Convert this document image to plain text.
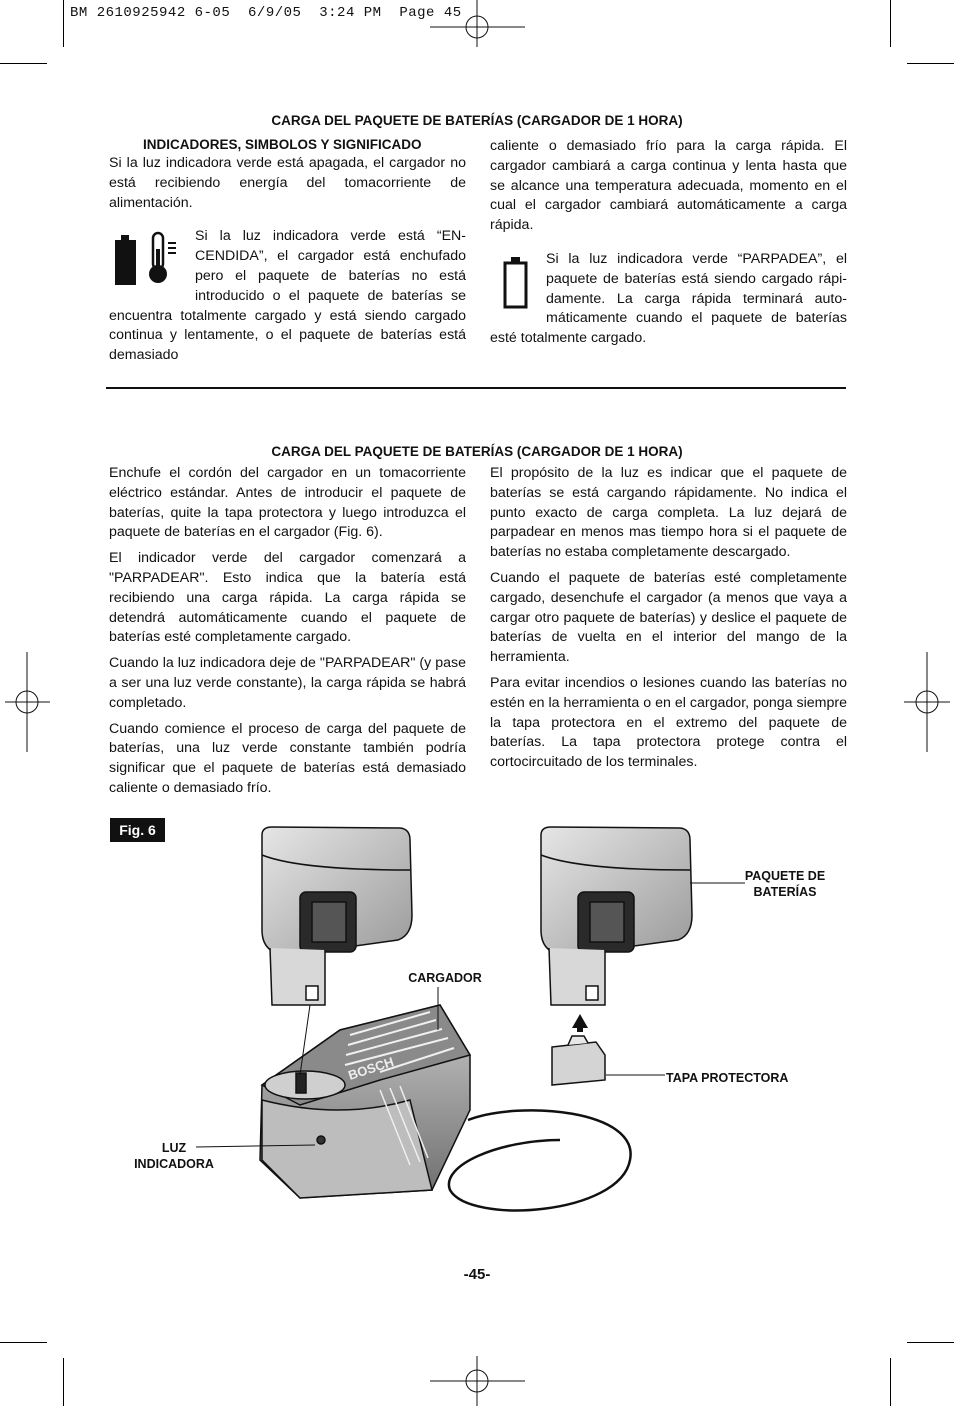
BM 2610925942 6-05  6/9/05  3:24 PM  Page 45
CARGA DEL PAQUETE DE BATERÍAS (CARGADOR DE 1 HORA)
INDICADORES, SIMBOLOS Y SIGNIFICADO

Si la luz indicadora verde está apagada, el cargador no está recibiendo energía del tomacorriente de alimentación.

Si la luz indicadora verde está “EN-CENDIDA”, el cargador está enchufado pero el paquete de baterías no está introducido o el paquete de baterías se encuentra totalmente cargado y está siendo cargado continua y lentamente, o el paquete de baterías está demasiado

caliente o demasiado frío para la carga rápida. El cargador cambiará a carga continua y lenta hasta que se alcance una temperatura adecuada, momento en el cual el cargador cambiará automáticamente a carga rápida.

Si la luz indicadora verde “PARPADEA”, el paquete de baterías está siendo cargado rápi-damente. La carga rápida terminará auto-máticamente cuando el paquete de baterías esté totalmente cargado.

CARGA DEL PAQUETE DE BATERÍAS (CARGADOR DE 1 HORA)

Enchufe el cordón del cargador en un tomacorriente eléctrico estándar. Antes de introducir el paquete de baterías, quite la tapa protectora y luego introduzca el paquete de baterías en el cargador (Fig. 6).

El indicador verde del cargador comenzará a "PARPADEAR". Esto indica que la batería está recibiendo una carga rápida. La carga rápida se detendrá automáticamente cuando el paquete de baterías esté completamente cargado.

Cuando la luz indicadora deje de "PARPADEAR" (y pase a ser una luz verde constante), la carga rápida se habrá completado.

Cuando comience el proceso de carga del paquete de baterías, una luz verde constante también podría significar que el paquete de baterías está demasiado caliente o demasiado frío.

El propósito de la luz es indicar que el paquete de baterías se está cargando rápidamente. No indica el punto exacto de carga completa. La luz dejará de parpadear en menos mas tiempo hora si el paquete de baterías no estaba completamente descargado.

Cuando el paquete de baterías esté completamente cargado, desenchufe el cargador (a menos que vaya a cargar otro paquete de baterías) y deslice el paquete de baterías de vuelta en el interior del mango de la herramienta.

Para evitar incendios o lesiones cuando las baterías no estén en la herramienta o en el cargador, ponga siempre la tapa protectora en el extremo del paquete de baterías. La tapa protectora protege contra el cortocircuitado de los terminales.

Fig. 6
BOSCH
PAQUETE DE BATERÍAS
CARGADOR
TAPA PROTECTORA
LUZ INDICADORA
-45-
